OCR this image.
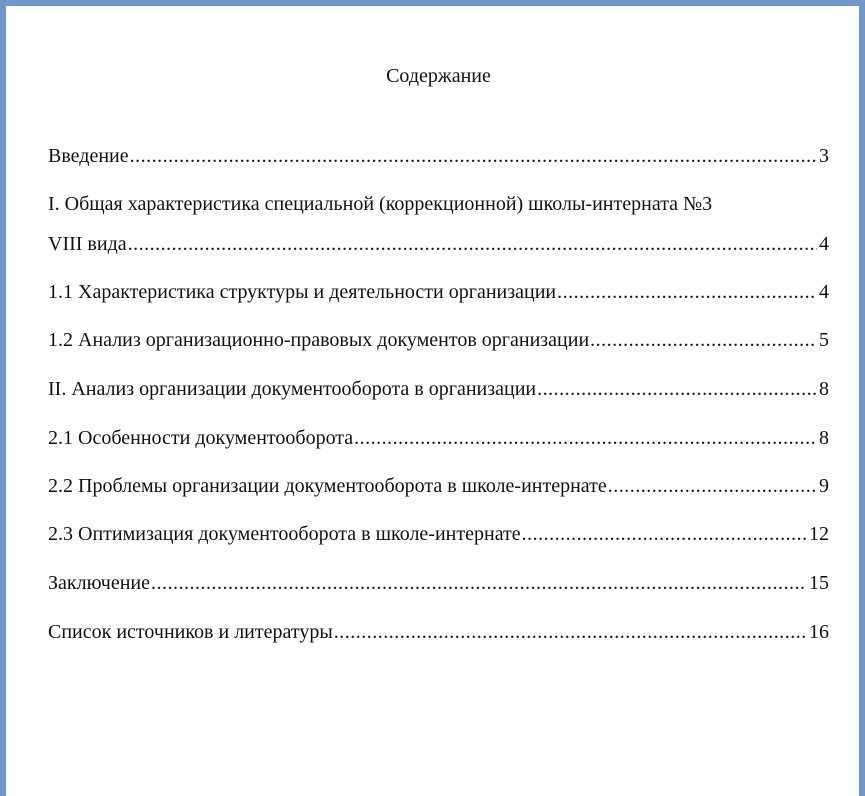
Содержание
Введение .....	3
I. Общая характеристика специальной (коррекционной) школы-интерната №3
VIII вида .....	4
1.1 Характеристика структуры и деятельности организации .....	4
1.2 Анализ организационно-правовых документов организации .....	5
II. Анализ организации документооборота в организации .....	8
2.1 Особенности документооборота .....	8
2.2 Проблемы организации документооборота в школе-интернате .....	9
2.3 Оптимизация документооборота в школе-интернате .....	12
Заключение .....	15
Список источников и литературы .....	16
